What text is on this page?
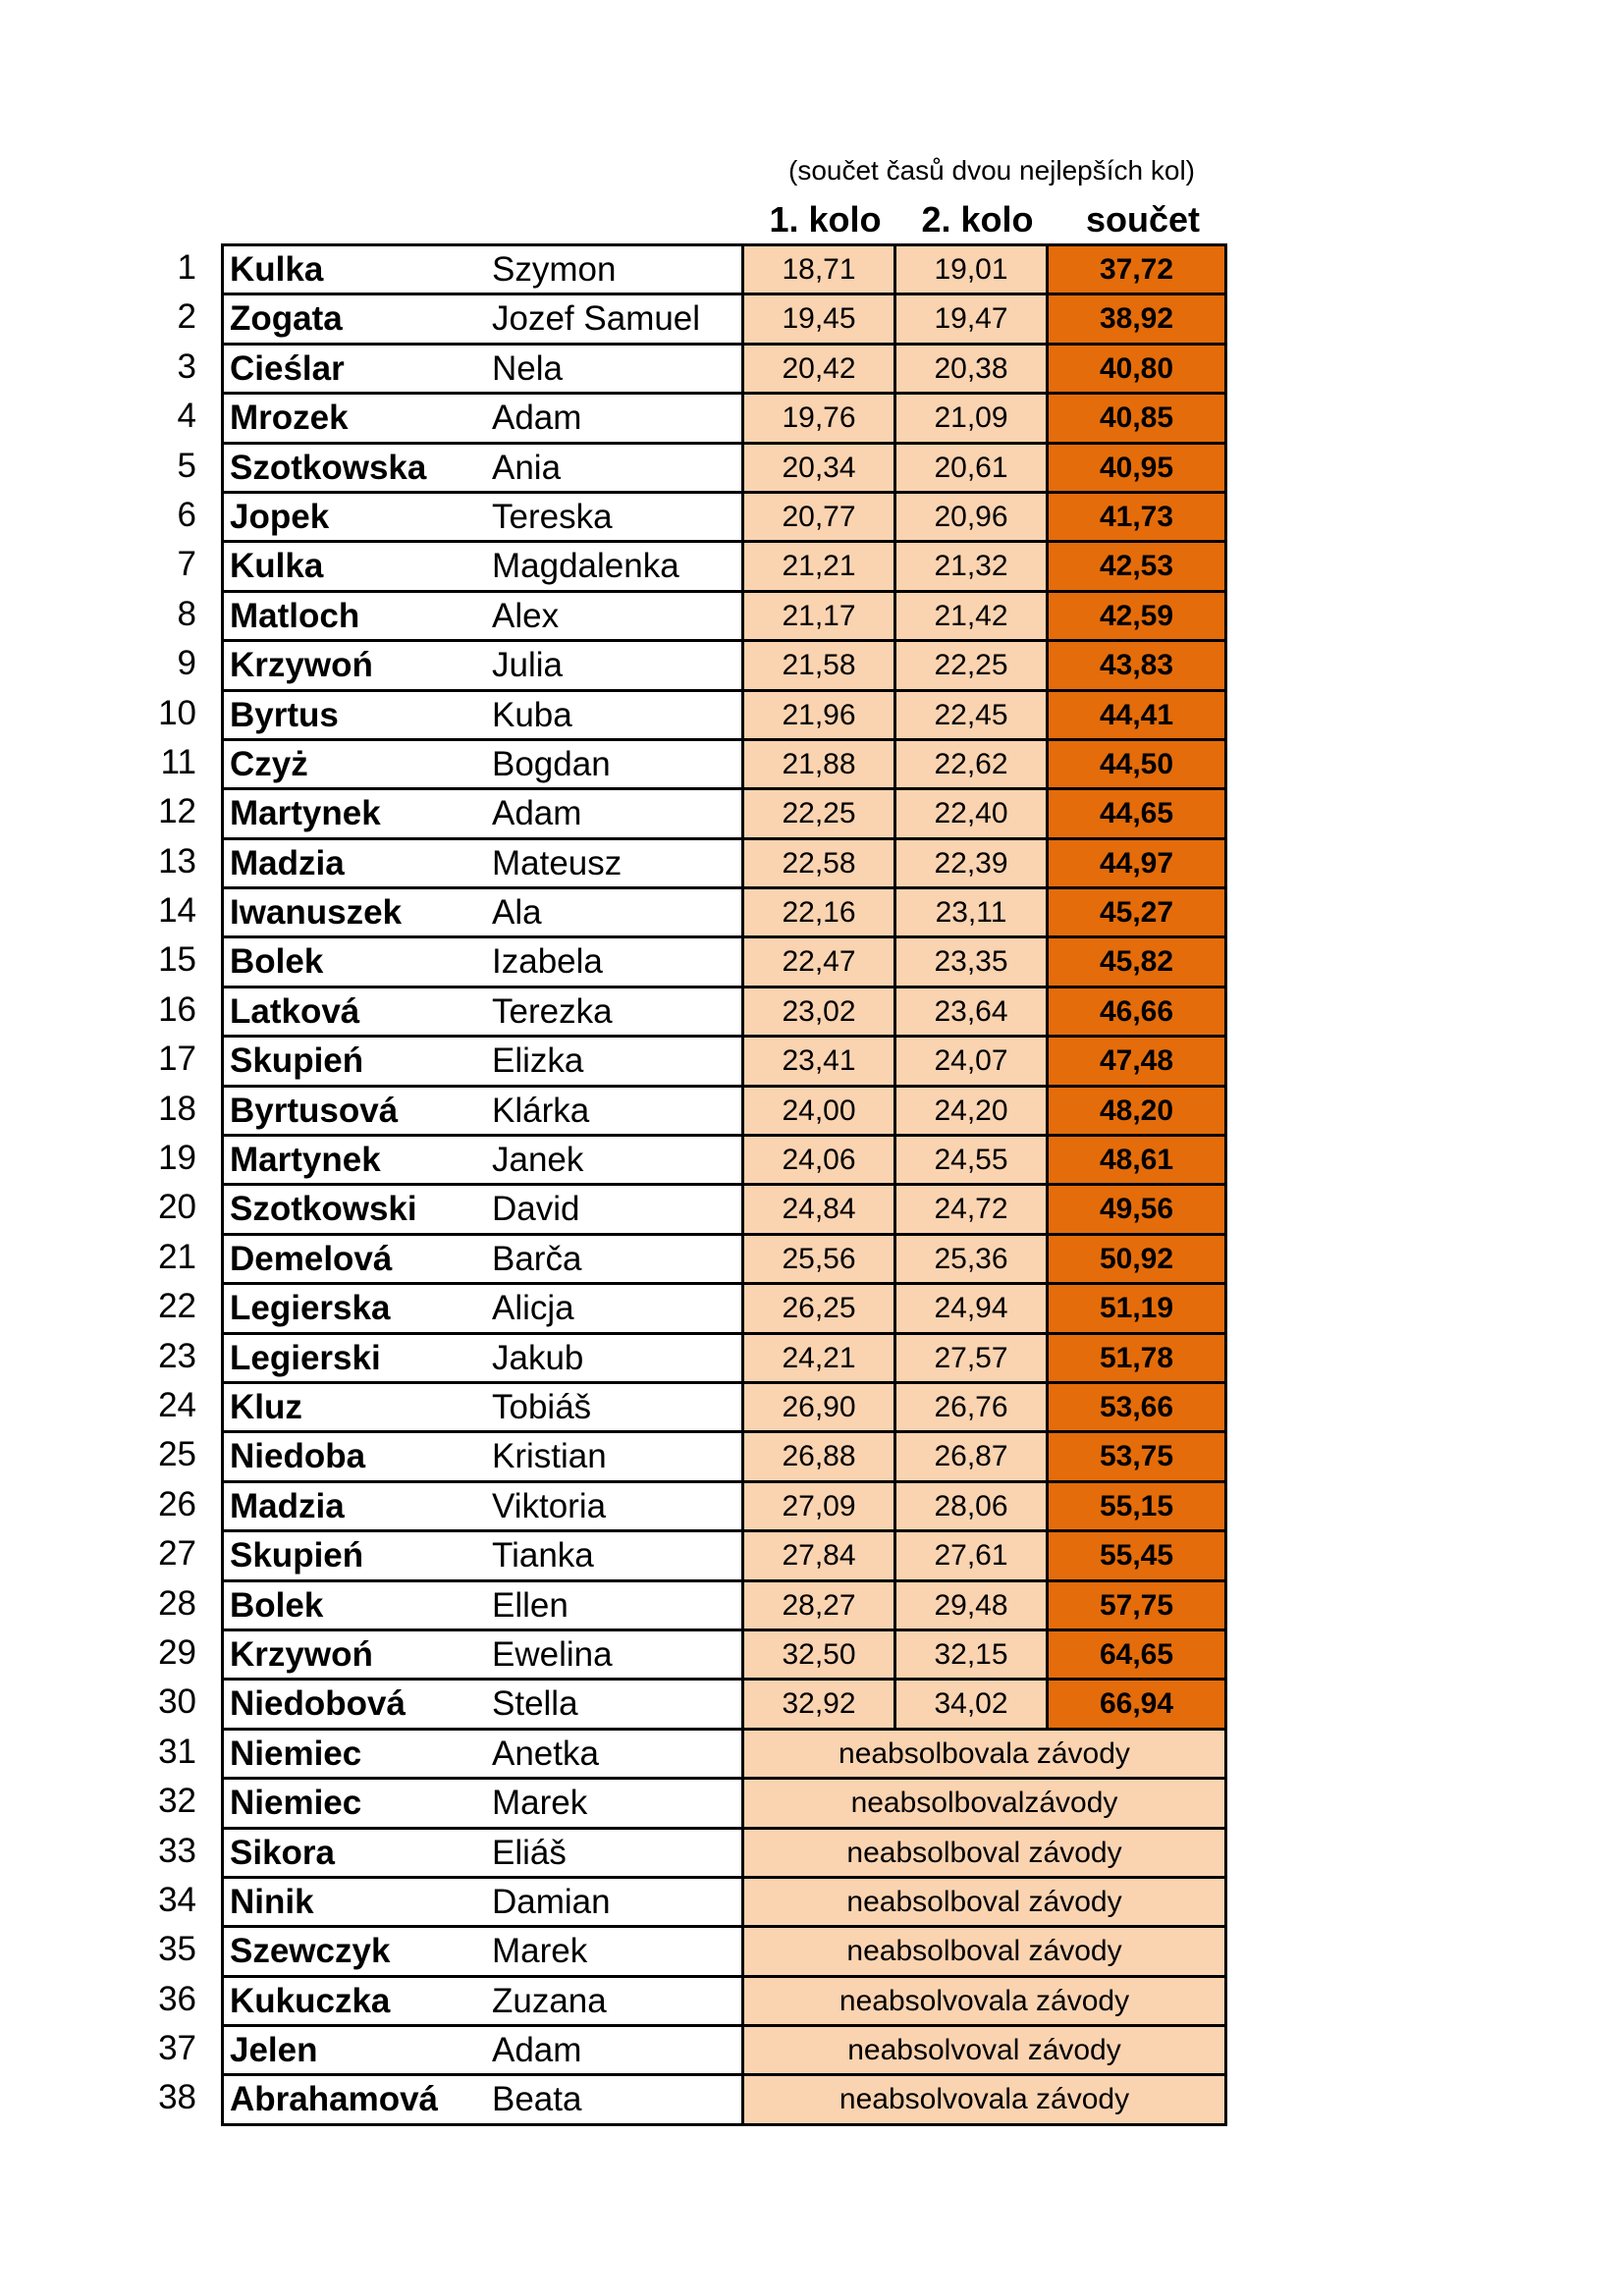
(součet časů dvou nejlepších kol)
1. kolo	2. kolo	součet
1 Kulka	Szymon	18,71	19,01	37,72
2 Zogata	Jozef Samuel	19,45	19,47	38,92
3 Cieślar	Nela	20,42	20,38	40,80
4 Mrozek	Adam	19,76	21,09	40,85
5 Szotkowska	Ania	20,34	20,61	40,95
6 Jopek	Tereska	20,77	20,96	41,73
7 Kulka	Magdalenka	21,21	21,32	42,53
8 Matloch	Alex	21,17	21,42	42,59
9 Krzywoń	Julia	21,58	22,25	43,83
10 Byrtus	Kuba	21,96	22,45	44,41
11 Czyż	Bogdan	21,88	22,62	44,50
12 Martynek	Adam	22,25	22,40	44,65
13 Madzia	Mateusz	22,58	22,39	44,97
14 Iwanuszek	Ala	22,16	23,11	45,27
15 Bolek	Izabela	22,47	23,35	45,82
16 Latková	Terezka	23,02	23,64	46,66
17 Skupień	Elizka	23,41	24,07	47,48
18 Byrtusová	Klárka	24,00	24,20	48,20
19 Martynek	Janek	24,06	24,55	48,61
20 Szotkowski	David	24,84	24,72	49,56
21 Demelová	Barča	25,56	25,36	50,92
22 Legierska	Alicja	26,25	24,94	51,19
23 Legierski	Jakub	24,21	27,57	51,78
24 Kluz	Tobiáš	26,90	26,76	53,66
25 Niedoba	Kristian	26,88	26,87	53,75
26 Madzia	Viktoria	27,09	28,06	55,15
27 Skupień	Tianka	27,84	27,61	55,45
28 Bolek	Ellen	28,27	29,48	57,75
29 Krzywoń	Ewelina	32,50	32,15	64,65
30 Niedobová	Stella	32,92	34,02	66,94
31 Niemiec	Anetka	neabsolbovala závody
32 Niemiec	Marek	neabsolbovalzávody
33 Sikora	Eliáš	neabsolboval závody
34 Ninik	Damian	neabsolboval závody
35 Szewczyk	Marek	neabsolboval závody
36 Kukuczka	Zuzana	neabsolvovala závody
37 Jelen	Adam	neabsolvoval závody
38 Abrahamová	Beata	neabsolvovala závody
